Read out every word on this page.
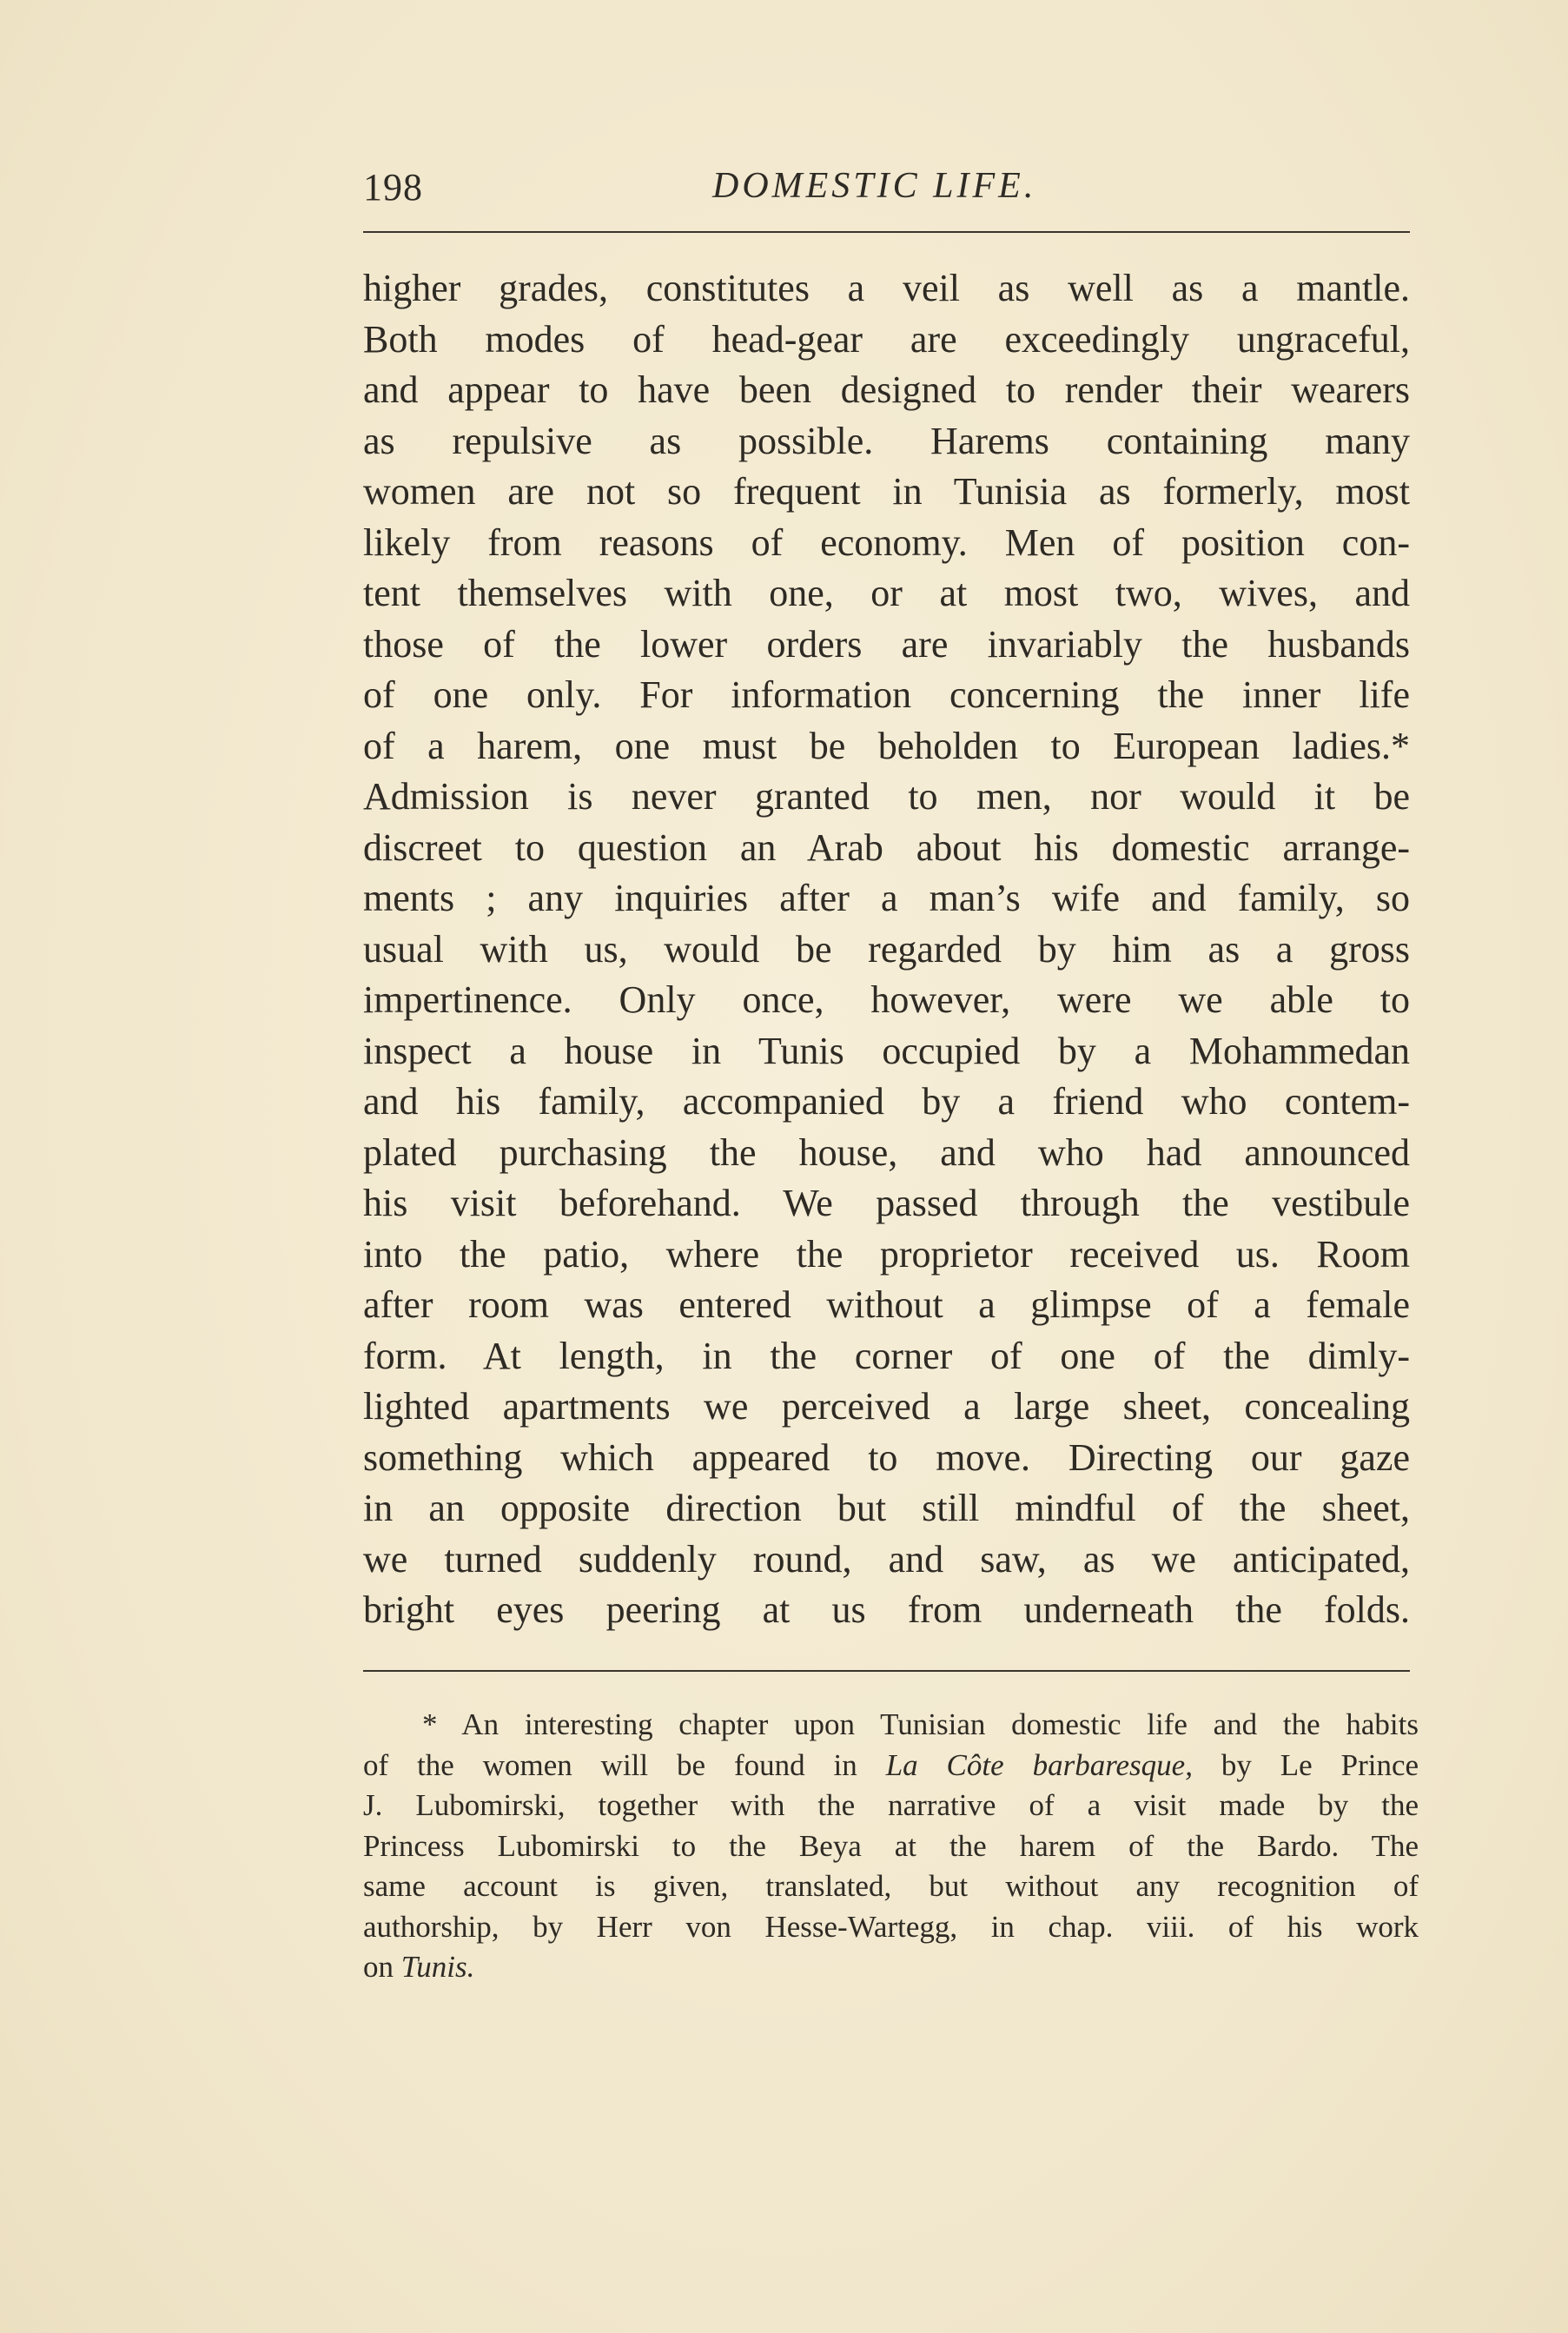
198	DOMESTIC LIFE.
higher grades, constitutes a veil as well as a mantle.
Both modes of head-gear are exceedingly ungraceful,
and appear to have been designed to render their wearers
as repulsive as possible. Harems containing many
women are not so frequent in Tunisia as formerly, most
likely from reasons of economy. Men of position con-
tent themselves with one, or at most two, wives, and
those of the lower orders are invariably the husbands
of one only. For information concerning the inner life
of a harem, one must be beholden to European ladies.*
Admission is never granted to men, nor would it be
discreet to question an Arab about his domestic arrange-
ments ; any inquiries after a man’s wife and family, so
usual with us, would be regarded by him as a gross
impertinence. Only once, however, were we able to
inspect a house in Tunis occupied by a Mohammedan
and his family, accompanied by a friend who contem-
plated purchasing the house, and who had announced
his visit beforehand. We passed through the vestibule
into the patio, where the proprietor received us. Room
after room was entered without a glimpse of a female
form. At length, in the corner of one of the dimly-
lighted apartments we perceived a large sheet, concealing
something which appeared to move. Directing our gaze
in an opposite direction but still mindful of the sheet,
we turned suddenly round, and saw, as we anticipated,
bright eyes peering at us from underneath the folds.
* An interesting chapter upon Tunisian domestic life and the habits
of the women will be found in La Côte barbaresque, by Le Prince
J. Lubomirski, together with the narrative of a visit made by the
Princess Lubomirski to the Beya at the harem of the Bardo. The
same account is given, translated, but without any recognition of
authorship, by Herr von Hesse-Wartegg, in chap. viii. of his work
on Tunis.
